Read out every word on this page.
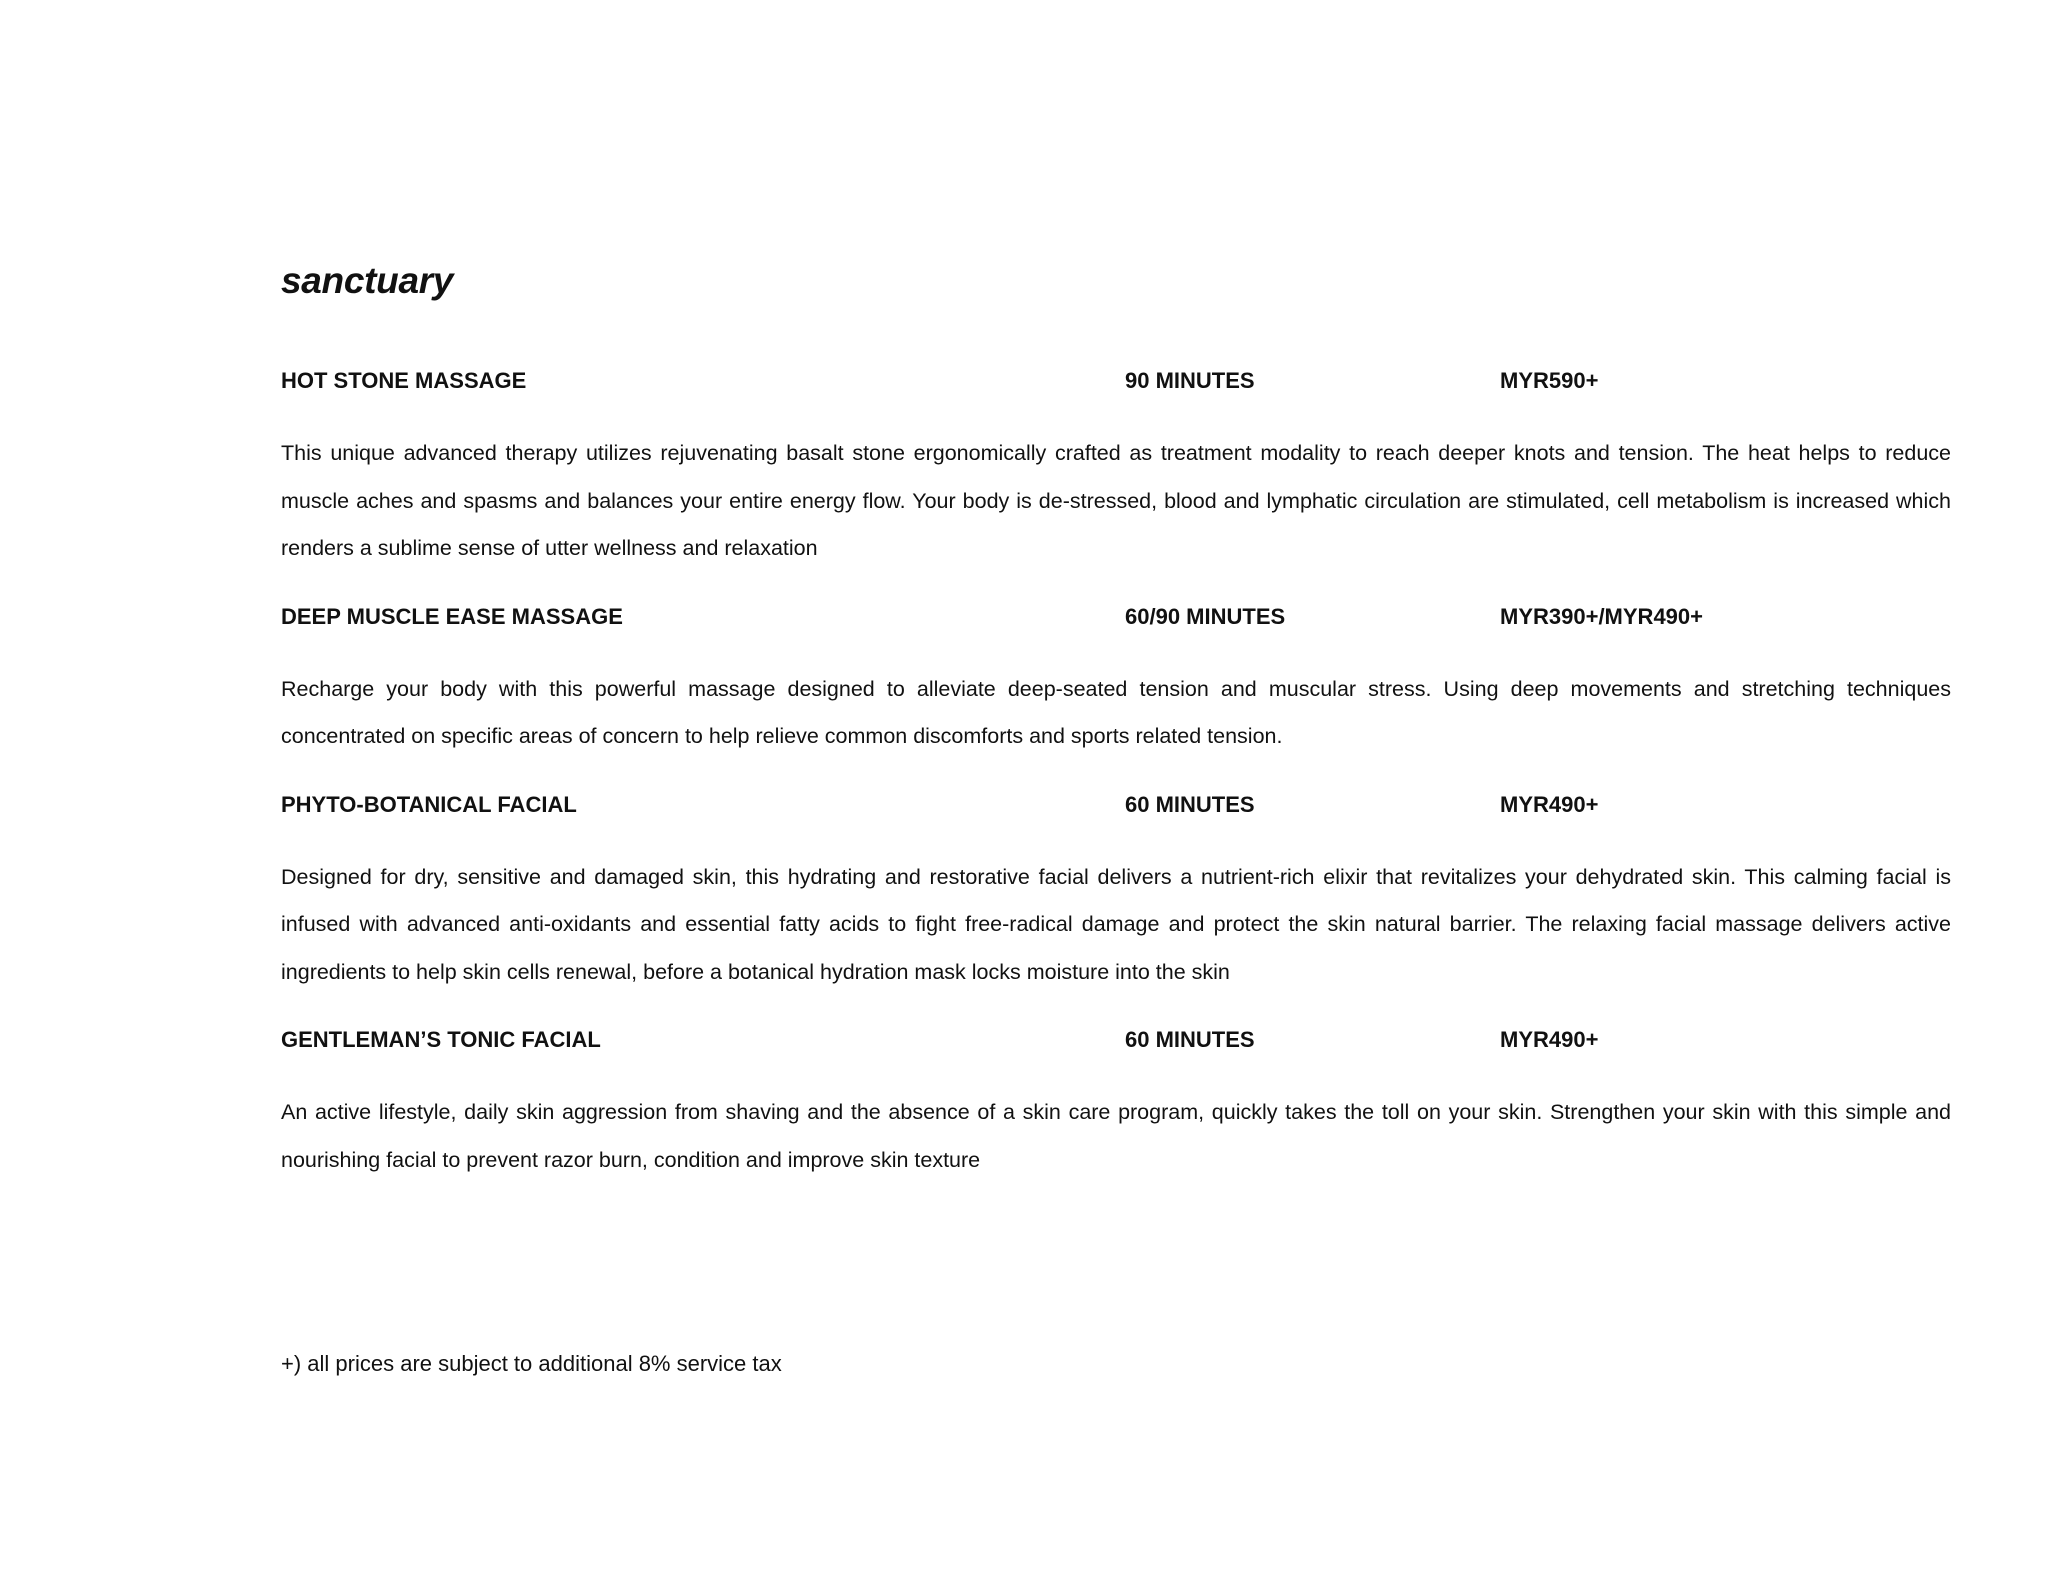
sanctuary
HOT STONE MASSAGE	90 MINUTES	MYR590+

This unique advanced therapy utilizes rejuvenating basalt stone ergonomically crafted as treatment modality to reach deeper knots and tension. The heat helps to reduce muscle aches and spasms and balances your entire energy flow. Your body is de-stressed, blood and lymphatic circulation are stimulated, cell metabolism is increased which renders a sublime sense of utter wellness and relaxation

DEEP MUSCLE EASE MASSAGE	60/90 MINUTES	MYR390+/MYR490+

Recharge your body with this powerful massage designed to alleviate deep-seated tension and muscular stress. Using deep movements and stretching techniques concentrated on specific areas of concern to help relieve common discomforts and sports related tension.

PHYTO-BOTANICAL FACIAL	60 MINUTES	MYR490+

Designed for dry, sensitive and damaged skin, this hydrating and restorative facial delivers a nutrient-rich elixir that revitalizes your dehydrated skin. This calming facial is infused with advanced anti-oxidants and essential fatty acids to fight free-radical damage and protect the skin natural barrier. The relaxing facial massage delivers active ingredients to help skin cells renewal, before a botanical hydration mask locks moisture into the skin

GENTLEMAN’S TONIC FACIAL	60 MINUTES	MYR490+

An active lifestyle, daily skin aggression from shaving and the absence of a skin care program, quickly takes the toll on your skin. Strengthen your skin with this simple and nourishing facial to prevent razor burn, condition and improve skin texture

+) all prices are subject to additional 8% service tax
